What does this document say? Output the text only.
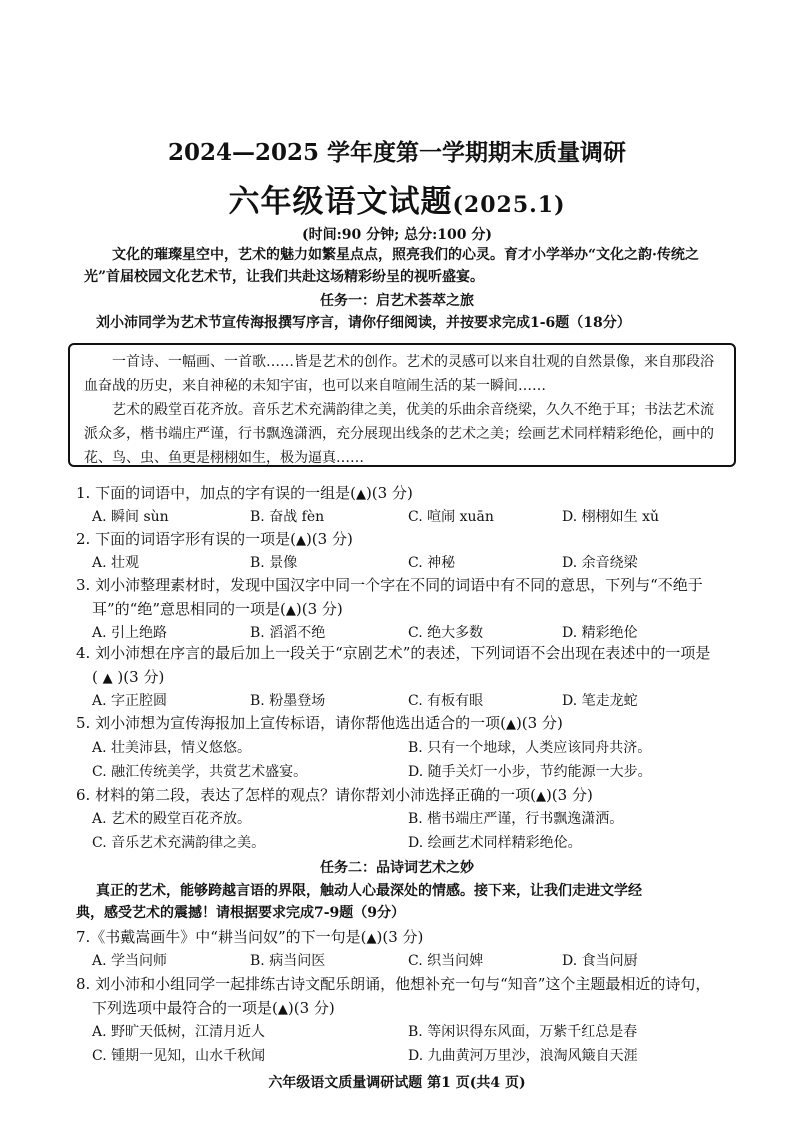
2024—2025 学年度第一学期期末质量调研
六年级语文试题(2025.1)
(时间:90 分钟; 总分:100 分)
文化的璀璨星空中，艺术的魅力如繁星点点，照亮我们的心灵。育才小学举办“文化之韵·传统之光”首届校园文化艺术节，让我们共赴这场精彩纷呈的视听盛宴。
任务一：启艺术荟萃之旅
刘小沛同学为艺术节宣传海报撰写序言，请你仔细阅读，并按要求完成1-6题（18分）
一首诗、一幅画、一首歌……皆是艺术的创作。艺术的灵感可以来自壮观的自然景像，来自那段浴血奋战的历史，来自神秘的未知宇宙，也可以来自喧闹生活的某一瞬间……
艺术的殿堂百花齐放。音乐艺术充满韵律之美，优美的乐曲余音绕梁，久久不绝于耳；书法艺术流派众多，楷书端庄严谨，行书飘逸潇洒，充分展现出线条的艺术之美；绘画艺术同样精彩绝伦，画中的花、鸟、虫、鱼更是栩栩如生，极为逼真……
1. 下面的词语中，加点的字有误的一组是(▲)(3 分)
A. 瞬间 sùn	B. 奋战 fèn	C. 喧闹 xuān	D. 栩栩如生 xǔ
2. 下面的词语字形有误的一项是(▲)(3 分)
A. 壮观	B. 景像	C. 神秘	D. 余音绕梁
3. 刘小沛整理素材时，发现中国汉字中同一个字在不同的词语中有不同的意思，下列与“不绝于
耳”的“绝”意思相同的一项是(▲)(3 分)
A. 引上绝路	B. 滔滔不绝	C. 绝大多数	D. 精彩绝伦
4. 刘小沛想在序言的最后加上一段关于“京剧艺术”的表述，下列词语不会出现在表述中的一项是
( ▲ )(3 分)
A. 字正腔圆	B. 粉墨登场	C. 有板有眼	D. 笔走龙蛇
5. 刘小沛想为宣传海报加上宣传标语，请你帮他选出适合的一项(▲)(3 分)
A. 壮美沛县，情义悠悠。	B. 只有一个地球，人类应该同舟共济。
C. 融汇传统美学，共赏艺术盛宴。	D. 随手关灯一小步，节约能源一大步。
6. 材料的第二段，表达了怎样的观点？请你帮刘小沛选择正确的一项(▲)(3 分)
A. 艺术的殿堂百花齐放。	B. 楷书端庄严谨，行书飘逸潇洒。
C. 音乐艺术充满韵律之美。	D. 绘画艺术同样精彩绝伦。
任务二：品诗词艺术之妙
真正的艺术，能够跨越言语的界限，触动人心最深处的情感。接下来，让我们走进文学经
典，感受艺术的震撼！请根据要求完成7-9题（9分）
7.《书戴嵩画牛》中“耕当问奴”的下一句是(▲)(3 分)
A. 学当问师	B. 病当问医	C. 织当问婢	D. 食当问厨
8. 刘小沛和小组同学一起排练古诗文配乐朗诵，他想补充一句与“知音”这个主题最相近的诗句，
下列选项中最符合的一项是(▲)(3 分)
A. 野旷天低树，江清月近人	B. 等闲识得东风面，万紫千红总是春
C. 锺期一见知，山水千秋闻	D. 九曲黄河万里沙，浪淘风簸自天涯
六年级语文质量调研试题 第1 页(共4 页)
